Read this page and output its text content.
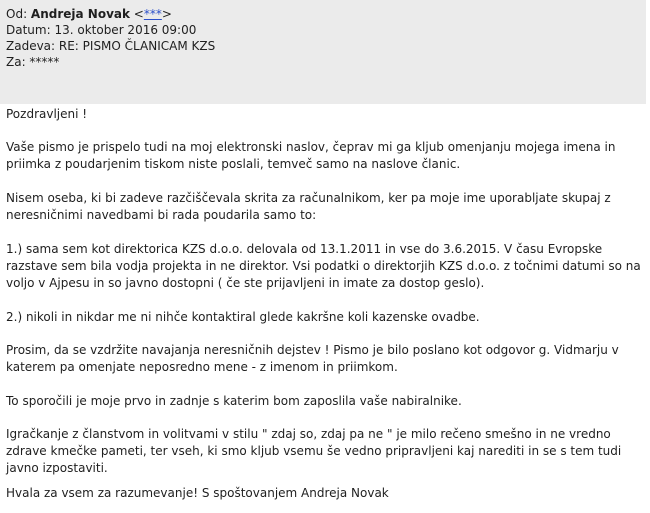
Od: Andreja Novak <***>
Datum: 13. oktober 2016 09:00
Zadeva: RE: PISMO ČLANICAM KZS
Za: *****

Pozdravljeni !

Vaše pismo je prispelo tudi na moj elektronski naslov, čeprav mi ga kljub omenjanju mojega imena in priimka z poudarjenim tiskom niste poslali, temveč samo na naslove članic.

Nisem oseba, ki bi zadeve razčiščevala skrita za računalnikom, ker pa moje ime uporabljate skupaj z neresničnimi navedbami bi rada poudarila samo to:

1.) sama sem kot direktorica KZS d.o.o. delovala od 13.1.2011 in vse do 3.6.2015. V času Evropske razstave sem bila vodja projekta in ne direktor. Vsi podatki o direktorjih KZS d.o.o. z točnimi datumi so na voljo v Ajpesu in so javno dostopni ( če ste prijavljeni in imate za dostop geslo).

2.) nikoli in nikdar me ni nihče kontaktiral glede kakršne koli kazenske ovadbe.

Prosim, da se vzdržite navajanja neresničnih dejstev ! Pismo je bilo poslano kot odgovor g. Vidmarju v katerem pa omenjate neposredno mene - z imenom in priimkom.

To sporočili je moje prvo in zadnje s katerim bom zaposlila vaše nabiralnike.

Igračkanje z članstvom in volitvami v stilu " zdaj so, zdaj pa ne " je milo rečeno smešno in ne vredno zdrave kmečke pameti, ter vseh, ki smo kljub vsemu še vedno pripravljeni kaj narediti in se s tem tudi javno izpostaviti.

Hvala za vsem za razumevanje! S spoštovanjem Andreja Novak
